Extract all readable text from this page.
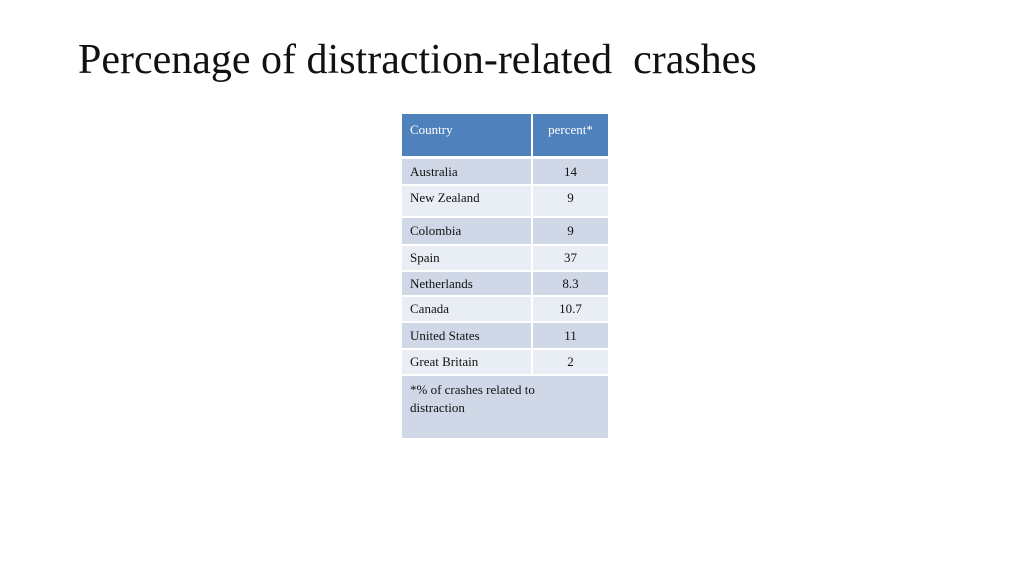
Percenage of distraction-related  crashes
Country	percent*
Australia	14
New Zealand	9
Colombia	9
Spain	37
Netherlands	8.3
Canada	10.7
United States	11
Great Britain	2
*% of crashes related to distraction
